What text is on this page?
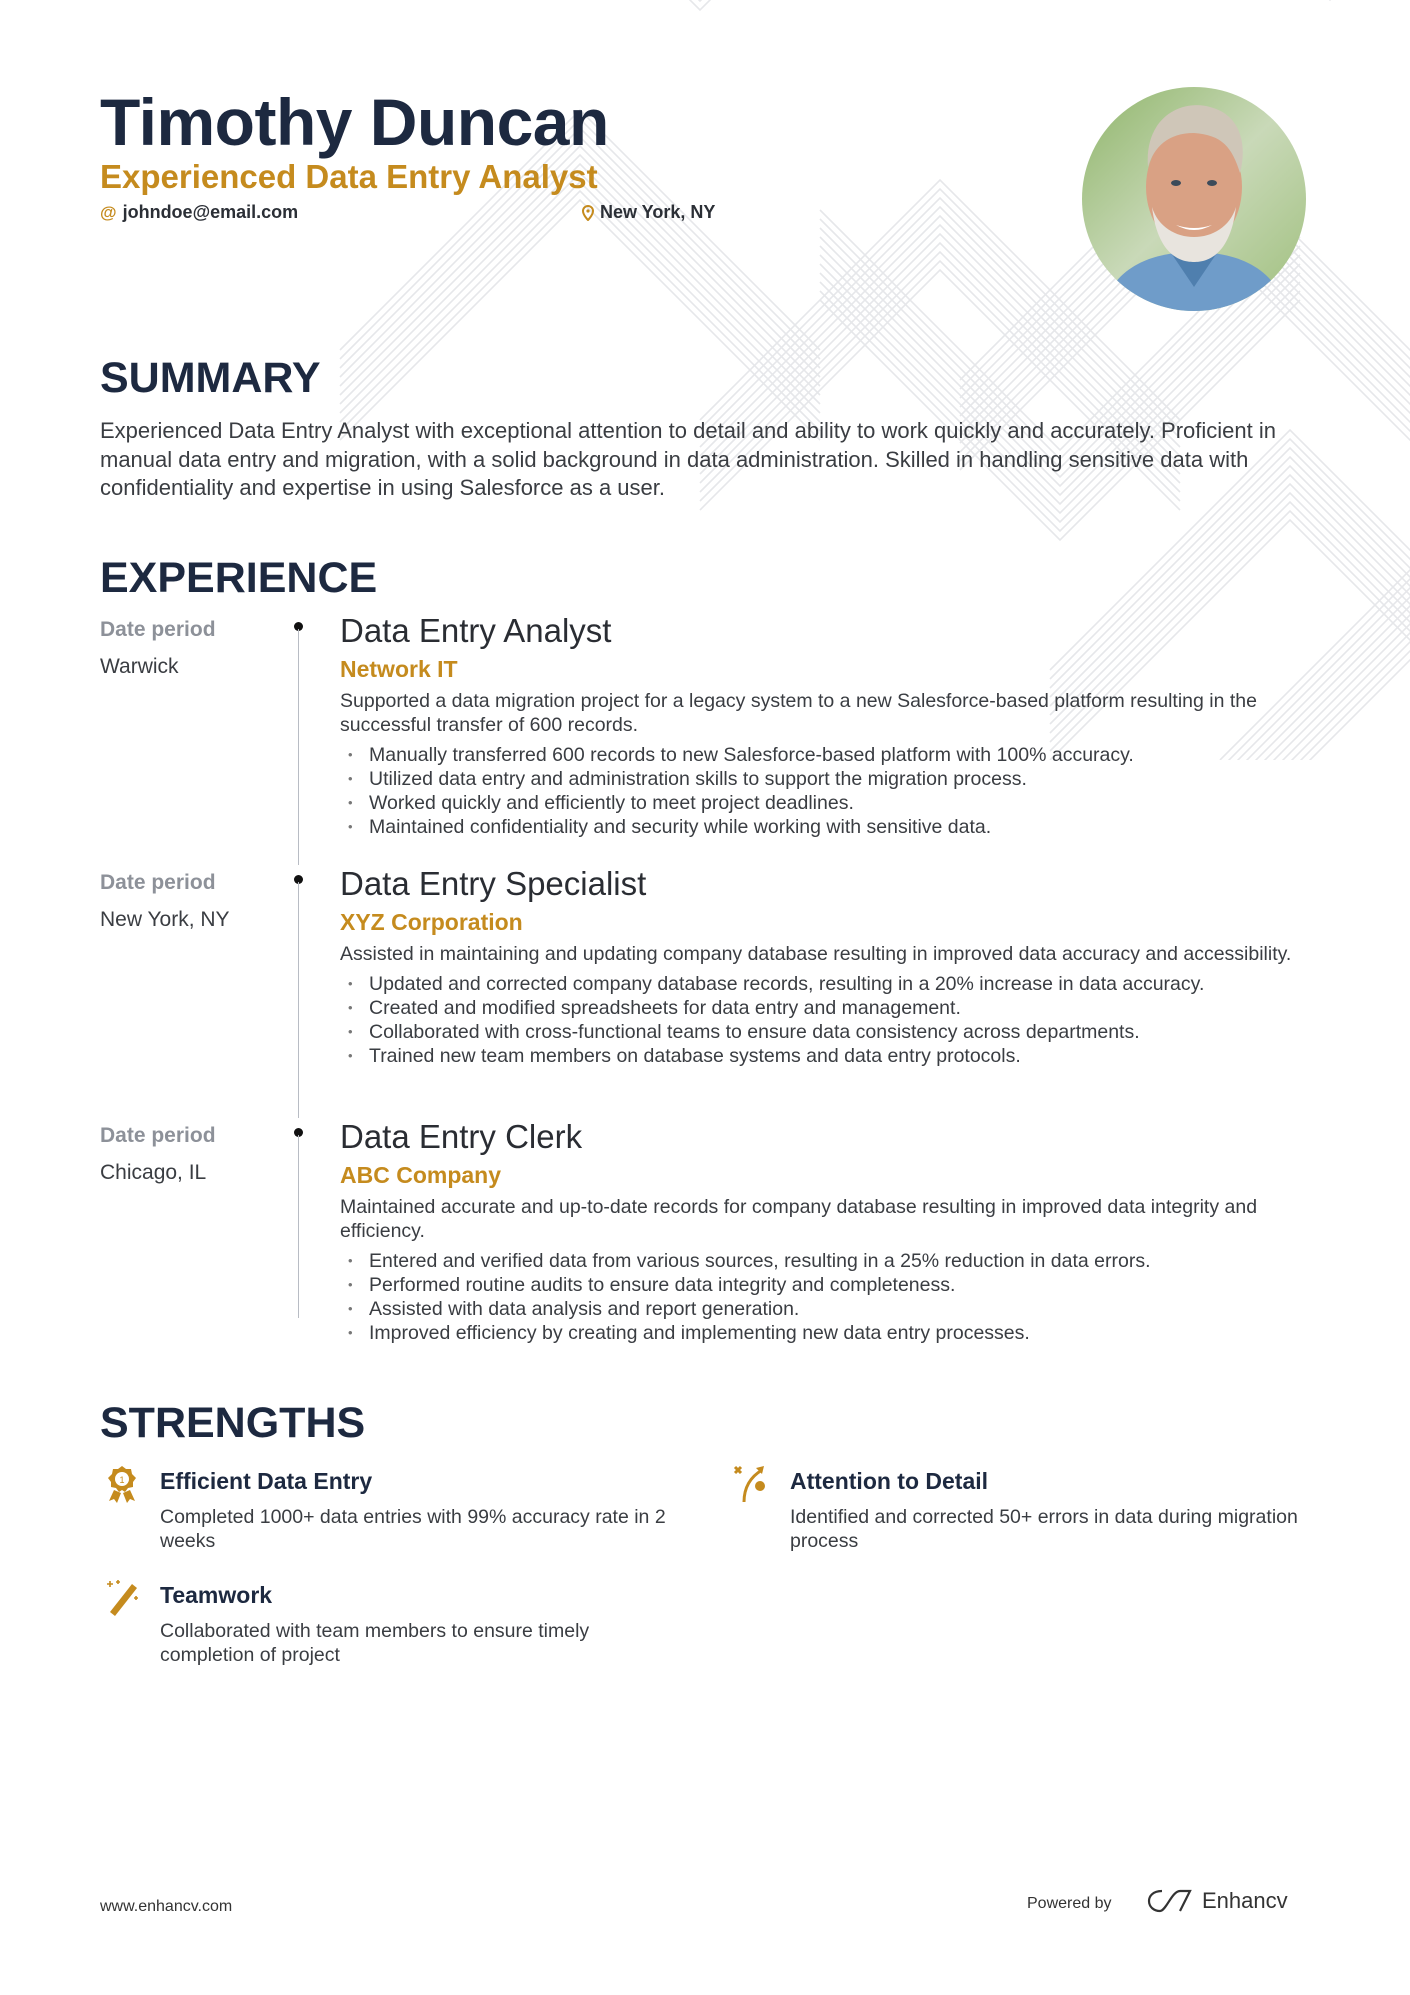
Timothy Duncan
Experienced Data Entry Analyst
@ johndoe@email.com	New York, NY
SUMMARY
Experienced Data Entry Analyst with exceptional attention to detail and ability to work quickly and accurately. Proficient in manual data entry and migration, with a solid background in data administration. Skilled in handling sensitive data with confidentiality and expertise in using Salesforce as a user.
EXPERIENCE
Date period
Warwick
Data Entry Analyst
Network IT
Supported a data migration project for a legacy system to a new Salesforce-based platform resulting in the successful transfer of 600 records.
• Manually transferred 600 records to new Salesforce-based platform with 100% accuracy.
• Utilized data entry and administration skills to support the migration process.
• Worked quickly and efficiently to meet project deadlines.
• Maintained confidentiality and security while working with sensitive data.
Date period
New York, NY
Data Entry Specialist
XYZ Corporation
Assisted in maintaining and updating company database resulting in improved data accuracy and accessibility.
• Updated and corrected company database records, resulting in a 20% increase in data accuracy.
• Created and modified spreadsheets for data entry and management.
• Collaborated with cross-functional teams to ensure data consistency across departments.
• Trained new team members on database systems and data entry protocols.
Date period
Chicago, IL
Data Entry Clerk
ABC Company
Maintained accurate and up-to-date records for company database resulting in improved data integrity and efficiency.
• Entered and verified data from various sources, resulting in a 25% reduction in data errors.
• Performed routine audits to ensure data integrity and completeness.
• Assisted with data analysis and report generation.
• Improved efficiency by creating and implementing new data entry processes.
STRENGTHS
1 Efficient Data Entry
Completed 1000+ data entries with 99% accuracy rate in 2 weeks
Attention to Detail
Identified and corrected 50+ errors in data during migration process
Teamwork
Collaborated with team members to ensure timely completion of project
www.enhancv.com	Powered by	Enhancv
